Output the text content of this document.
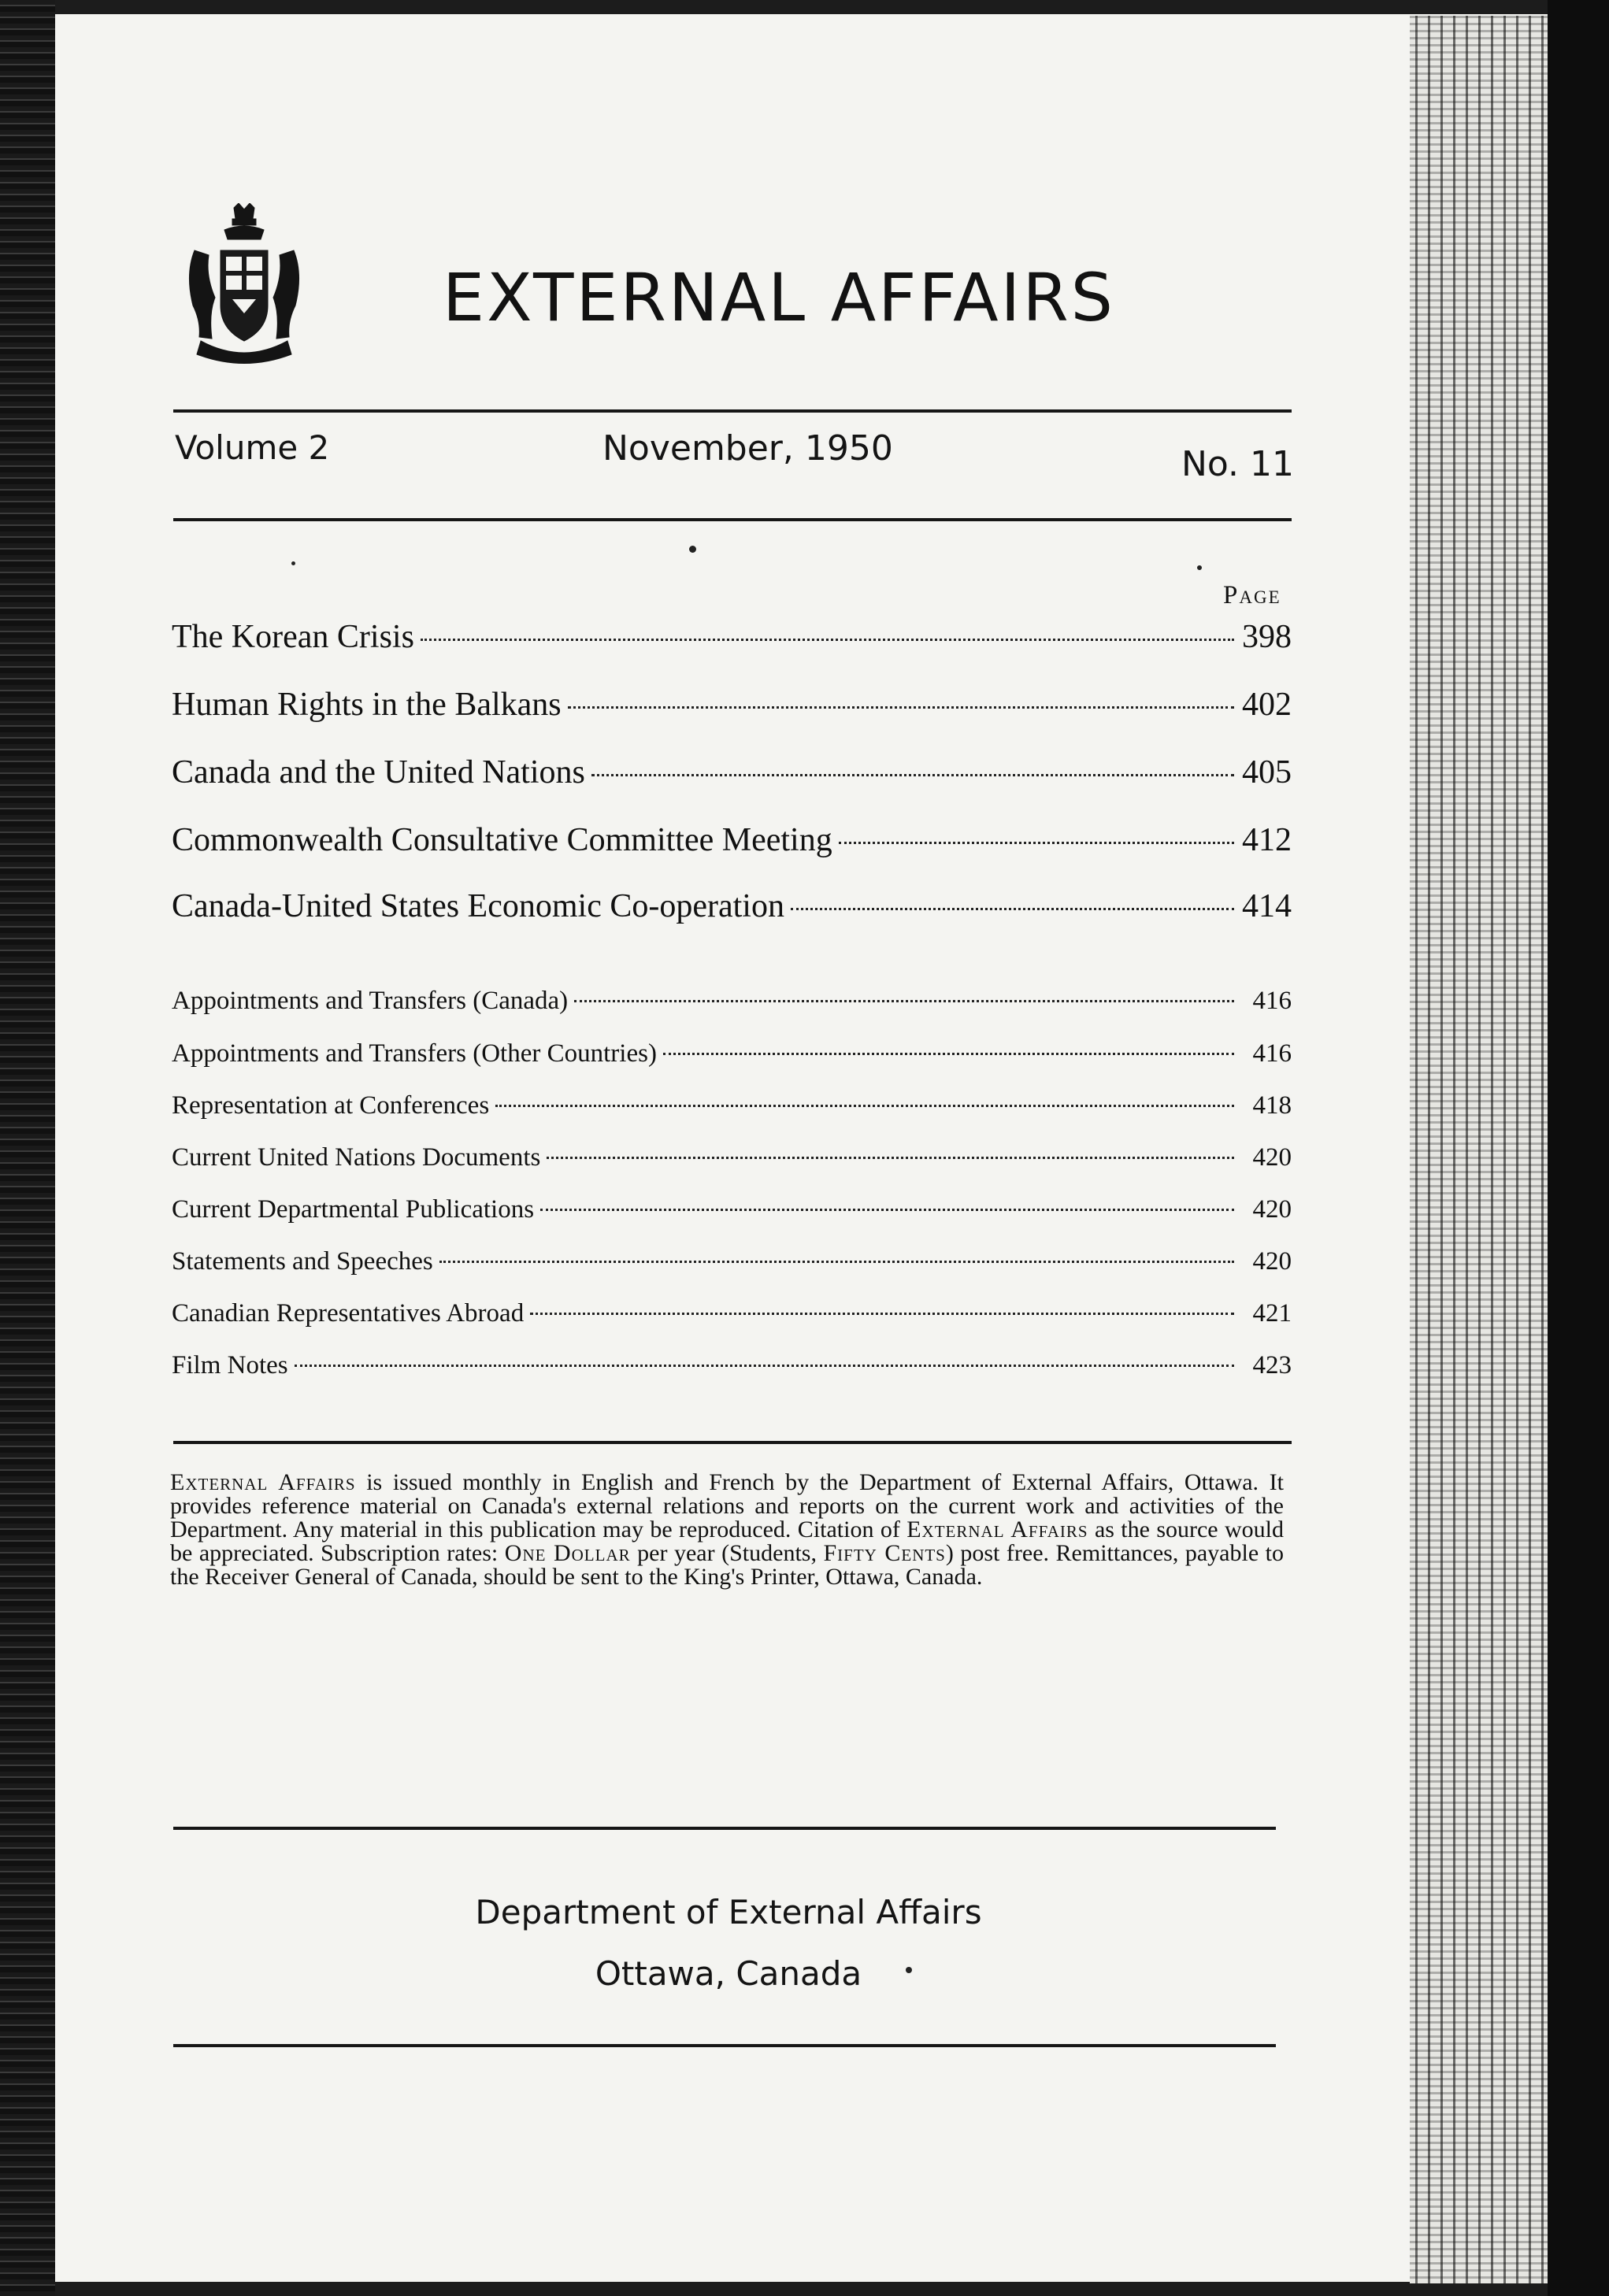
EXTERNAL AFFAIRS
Volume 2	November, 1950	No. 11
Page
The Korean Crisis	398
Human Rights in the Balkans	402
Canada and the United Nations	405
Commonwealth Consultative Committee Meeting	412
Canada-United States Economic Co-operation	414
Appointments and Transfers (Canada)	416
Appointments and Transfers (Other Countries)	416
Representation at Conferences	418
Current United Nations Documents	420
Current Departmental Publications	420
Statements and Speeches	420
Canadian Representatives Abroad	421
Film Notes	423

External Affairs is issued monthly in English and French by the Department of External Affairs, Ottawa. It provides reference material on Canada's external relations and reports on the current work and activities of the Department. Any material in this publication may be reproduced. Citation of External Affairs as the source would be appreciated. Subscription rates: One Dollar per year (Students, Fifty Cents) post free. Remittances, payable to the Receiver General of Canada, should be sent to the King's Printer, Ottawa, Canada.

Department of External Affairs
Ottawa, Canada
